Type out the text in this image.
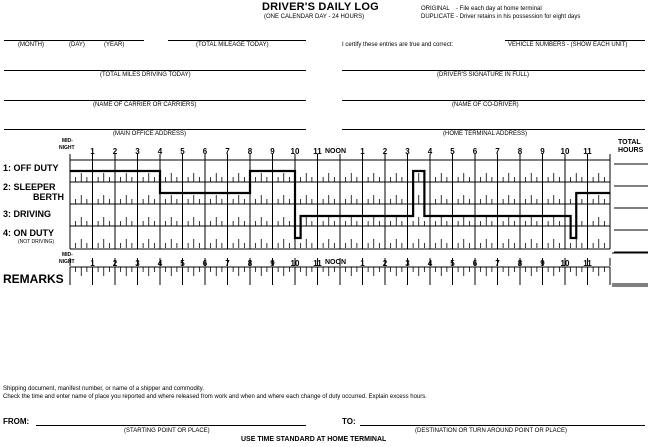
DRIVER'S DAILY LOG
(ONE CALENDAR DAY - 24 HOURS)
ORIGINAL - File each day at home terminal
DUPLICATE - Driver retains in his possession for eight days
(MONTH)	(DAY)	(YEAR)	(TOTAL MILEAGE TODAY)	I certify these entries are true and correct:	VEHICLE NUMBERS - (SHOW EACH UNIT)
(TOTAL MILES DRIVING TODAY)	(DRIVER'S SIGNATURE IN FULL)
(NAME OF CARRIER OR CARRIERS)	(NAME OF CO-DRIVER)
(MAIN OFFICE ADDRESS)	(HOME TERMINAL ADDRESS)
MID-
NIGHT	NOON
TOTAL
HOURS
MID-
NIGHT	NOON
1: OFF DUTY
2: SLEEPER
BERTH
3: DRIVING
4: ON DUTY
(NOT DRIVING)
REMARKS
1	1
1	1
2	2
2	2
3	3
3	3
4	4
4	4
5	5
5	5
6	6
6	6
7	7
7	7
8	8
8	8
9	9
9	9
10	10
10	10
11	11
11	11
Shipping document, manifest number, or name of a shipper and commodity.
Check the time and enter name of place you reported and where released from work and when and where each change of duty occurred. Explain excess hours.
FROM:
(STARTING POINT OR PLACE)
TO:
(DESTINATION OR TURN AROUND POINT OR PLACE)
USE TIME STANDARD AT HOME TERMINAL
